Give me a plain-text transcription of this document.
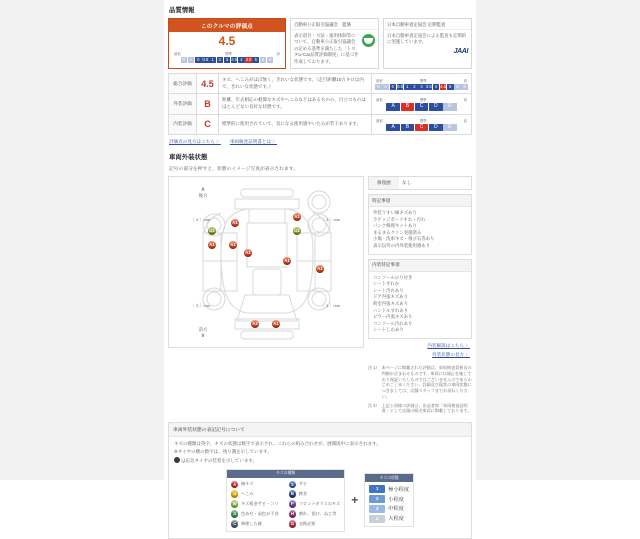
品質情報
このクルマの評価点
4.5
最低	標準	高
R	A	0 0.5 1	2	3 3.5 4 4.5 5	6	S
自動車公正取引協議会　監修

表示項目・方法・運用体制等について、自動車公正取引協議会の定める基準を満たした「トヨタU-Car品質評価制度」に基づき作成しております。

日本自動車査定協会 定期監査

日本自動車査定協会による監査も定期的に実施しています。

JAAI
総合評価	4.5	キズ、へこみがほぼ無く、きれいな状態です。（走行距離10万キロ以内で、きれいな状態です。）	
最低	標準	高
R	A	0 0.5 1	2	3 3.5 4 4.5 5	6	S

外装評価	B	距離、年式相応の軽微なキズやへこみなどはあるものの、目立つものはほとんどない良好な状態です。	
最低	標準	高
A	B	C	D	E

内装評価	C	標準的に使用されていて、気になる使用感やいたみが若干あります。	
最低	標準	高
A	B	C	D	E
評価点の見方はこちら 〉 車両検査証明書とは 〉
車両外装状態
記号の部分を押すと、状態のイメージ写真が表示されます。
∧
後方
前方
∨
〔 4 〕mm	〔 4 〕mm
〔 3 〕mm	〔 3 〕mm
A1
A1
A1
A1
U1
A1
U1
A1
A1
A2	A1
修復歴	なし
特記事項
外装うすい線キズあり
ラゲッジボードすれ・汚れ
パンク修理キットあり
まるまるクリン実施済み
小傷・洗車キズ・飛び石等あり
表示以外の内外装使用感あり
内装特記事項
コンソールのり付き
シートすれか
シート汚れあり
ドア内張キズあり
荷室内張キズあり
ハンドルすれあり
ピラー内張キズあり
コンソール汚れあり
シートしわあり
内装解説はこちら 〉
外装状態の見方 〉

注 1） 本ページに掲載された評価は、車両検査員独自の判断が含まれるものです。車両には補正を施しており保証いたしものではございませんのであらかじめご了承ください。詳細及び現状の車両状態につきましては、店舗スタッフまでお尋ねください。

注 2） 上記と同様の評価は、出品者毎「車両検査証明書」として店頭の販売車両に掲載しております。

車両外装状態の表記記号について

キズの種類は英字、キズの状態は数字で表示され、これらの組み合わせが、展開図中に表示されます。

※タイヤの横の数字は、残り溝を示しています。

は応急タイヤの装着を示しています。

キズの種類
A	線キズ
U	へこみ
W	キズ板金サビ・コリ
X	色あせ・退色が不良
C	修理した跡
S	サビ
B	腐食
P	フロントガラスのキズ
H	割れ、裂け、ねじ等
G	交換必要
+
キズの状態
1	極小程度
2	小程度
3	中程度
4	大程度
